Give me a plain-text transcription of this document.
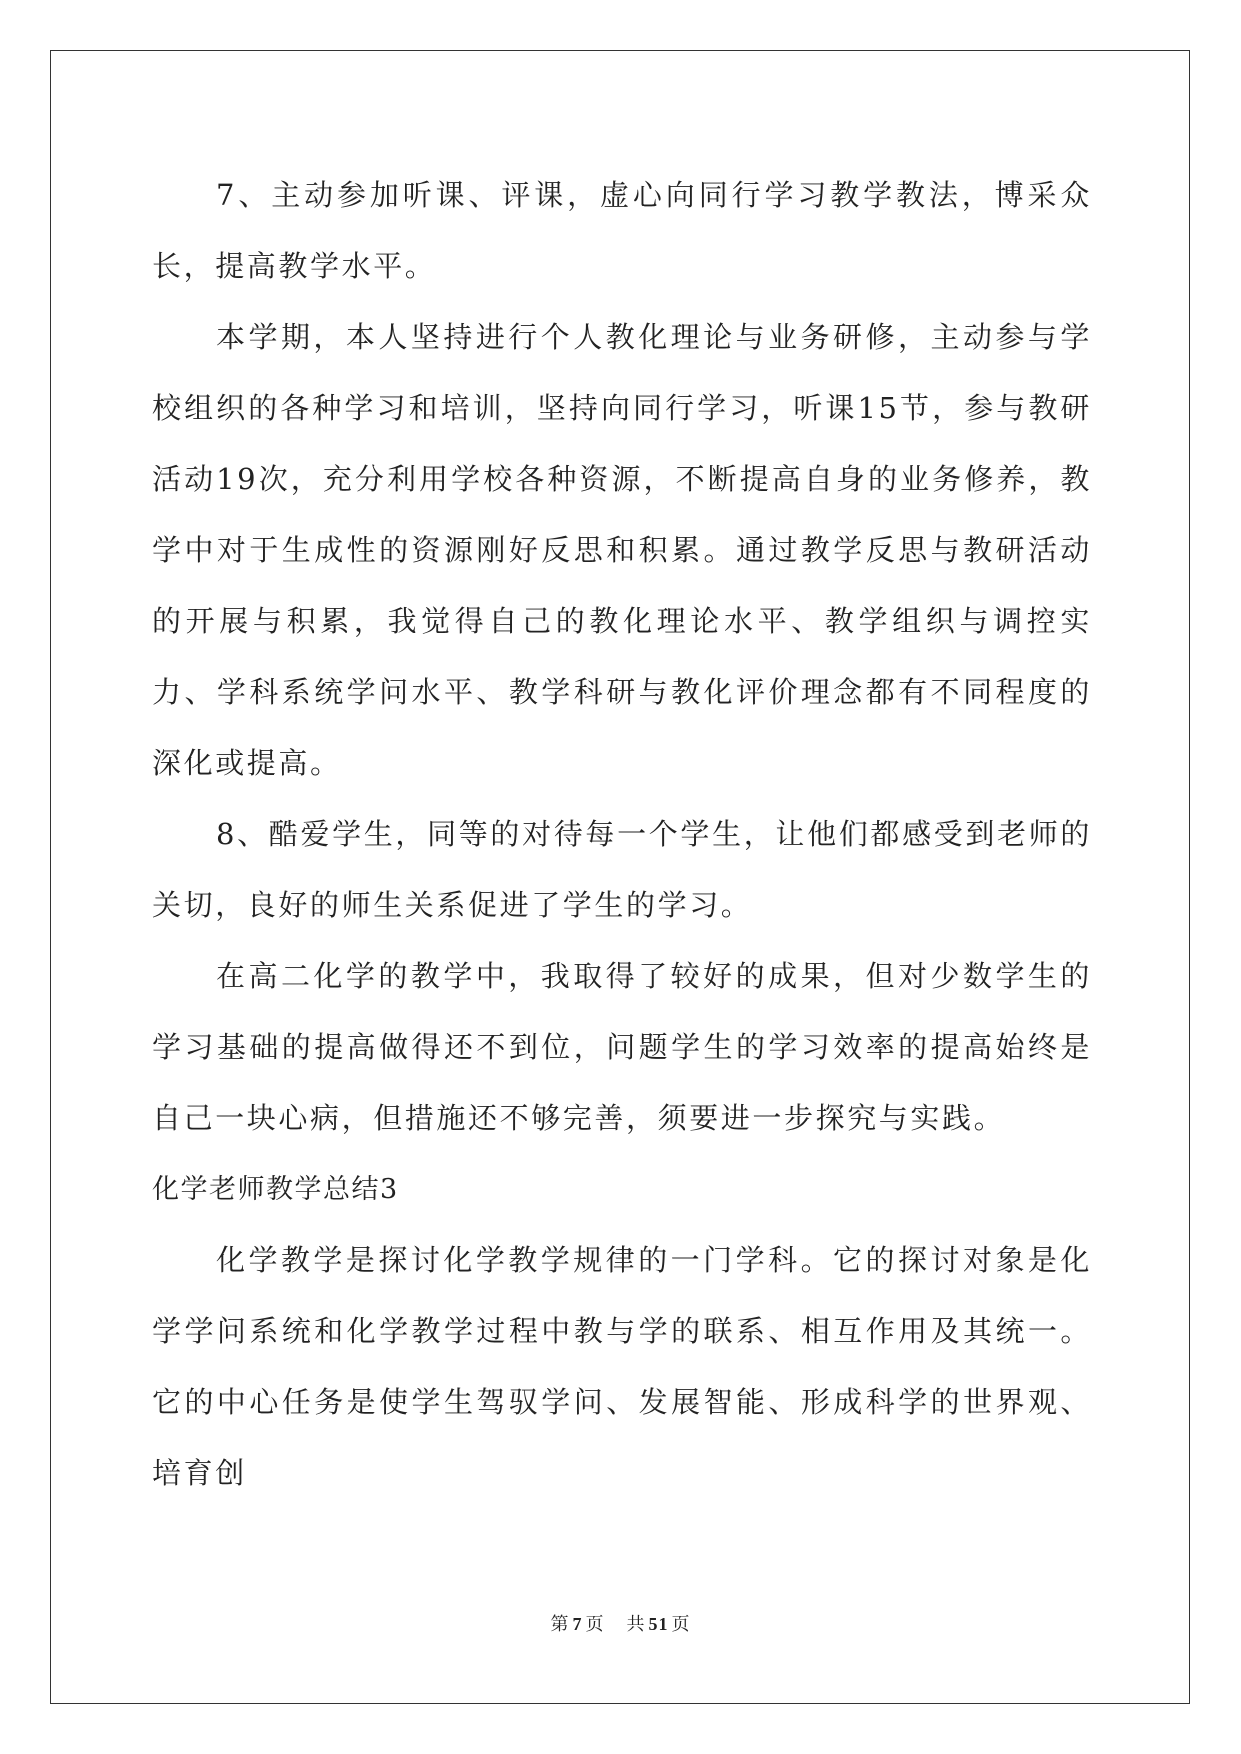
7、主动参加听课、评课，虚心向同行学习教学教法，博采众长，提高教学水平。

本学期，本人坚持进行个人教化理论与业务研修，主动参与学校组织的各种学习和培训，坚持向同行学习，听课15节，参与教研活动19次，充分利用学校各种资源，不断提高自身的业务修养，教学中对于生成性的资源刚好反思和积累。通过教学反思与教研活动的开展与积累，我觉得自己的教化理论水平、教学组织与调控实力、学科系统学问水平、教学科研与教化评价理念都有不同程度的深化或提高。

8、酷爱学生，同等的对待每一个学生，让他们都感受到老师的关切，良好的师生关系促进了学生的学习。

在高二化学的教学中，我取得了较好的成果，但对少数学生的学习基础的提高做得还不到位，问题学生的学习效率的提高始终是自己一块心病，但措施还不够完善，须要进一步探究与实践。

化学老师教学总结3

化学教学是探讨化学教学规律的一门学科。它的探讨对象是化学学问系统和化学教学过程中教与学的联系、相互作用及其统一。它的中心任务是使学生驾驭学问、发展智能、形成科学的世界观、培育创

第 7 页 共 51 页
